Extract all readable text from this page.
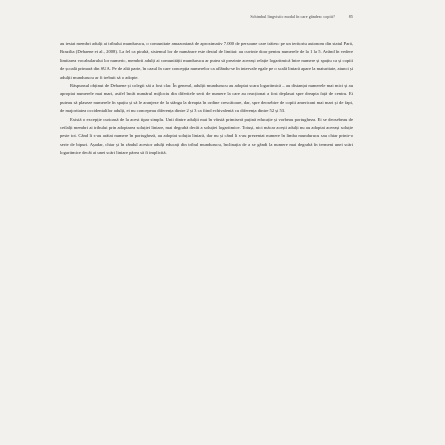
Schimbul lingvistic modal în care gândesc copiii?	85

au testat membri adulți ai tribului mundurucu, o comunitate amazoniană de aproximativ 7.000 de persoane care trăiesc pe un teritoriu autonom din statul Pará, Brazilia (Dehaene et al., 2008). La fel ca pirahă, sistemul lor de numărare este destul de limitat: au cuvinte doar pentru numerele de la 1 la 5. Având în vedere limitarea vocabularului lor numeric, membrii adulți ai comunității mundurucu ar putea să prezinte aceeași relație logaritmică între numere și spațiu ca și copiii de școală primară din SUA. Pe de altă parte, în cazul în care concepția numerelor ca aflându-se în intervale egale pe o scală liniară apare la maturitate, atunci și adulții mundurucu ar fi trebuit să o adopte.

Răspunsul obținut de Dehaene și colegii săi a fost clar. În general, adulții mundurucu au adoptat scara logaritmică – au distanțat numerele mai mici și au apropiat numerele mai mari, astfel încât numărul mijlociu din diferitele serii de numere la care au reacționat a fost deplasat spre dreapta față de centru. Ei puteau să plaseze numerele în spațiu și să le aranjeze de la stânga la dreapta în ordine crescătoare, dar, spre deosebire de copiii americani mai mari și de fapt, de majoritatea occidentalilor adulți, ei nu concepeau diferența dintre 2 și 3 ca fiind echivalentă cu diferența dintre 52 și 53.

Există o excepție curioasă de la acest tipar simplu. Unii dintre adulții mai în vârstă primiseră puțină educație și vorbeau portugheza. Ei se deosebeau de ceilalți membri ai tribului prin adoptarea soluției liniare, mai degrabă decât a soluției logaritmice. Totuși, nici măcar acești adulți nu au adoptat aceeași soluție peste tot. Când li s-au arătat numere în portugheză, au adoptat soluția liniară, dar nu și când li s-au prezentat numere în limba mundurucu sau chiar printr-o serie de bipuri. Așadar, chiar și în rândul acestor adulți educați din tribul mundurucu, înclinația de a se gândi la numere mai degrabă în termeni unei scări logaritmice decât ai unei scări liniare părea să fi implicită.
